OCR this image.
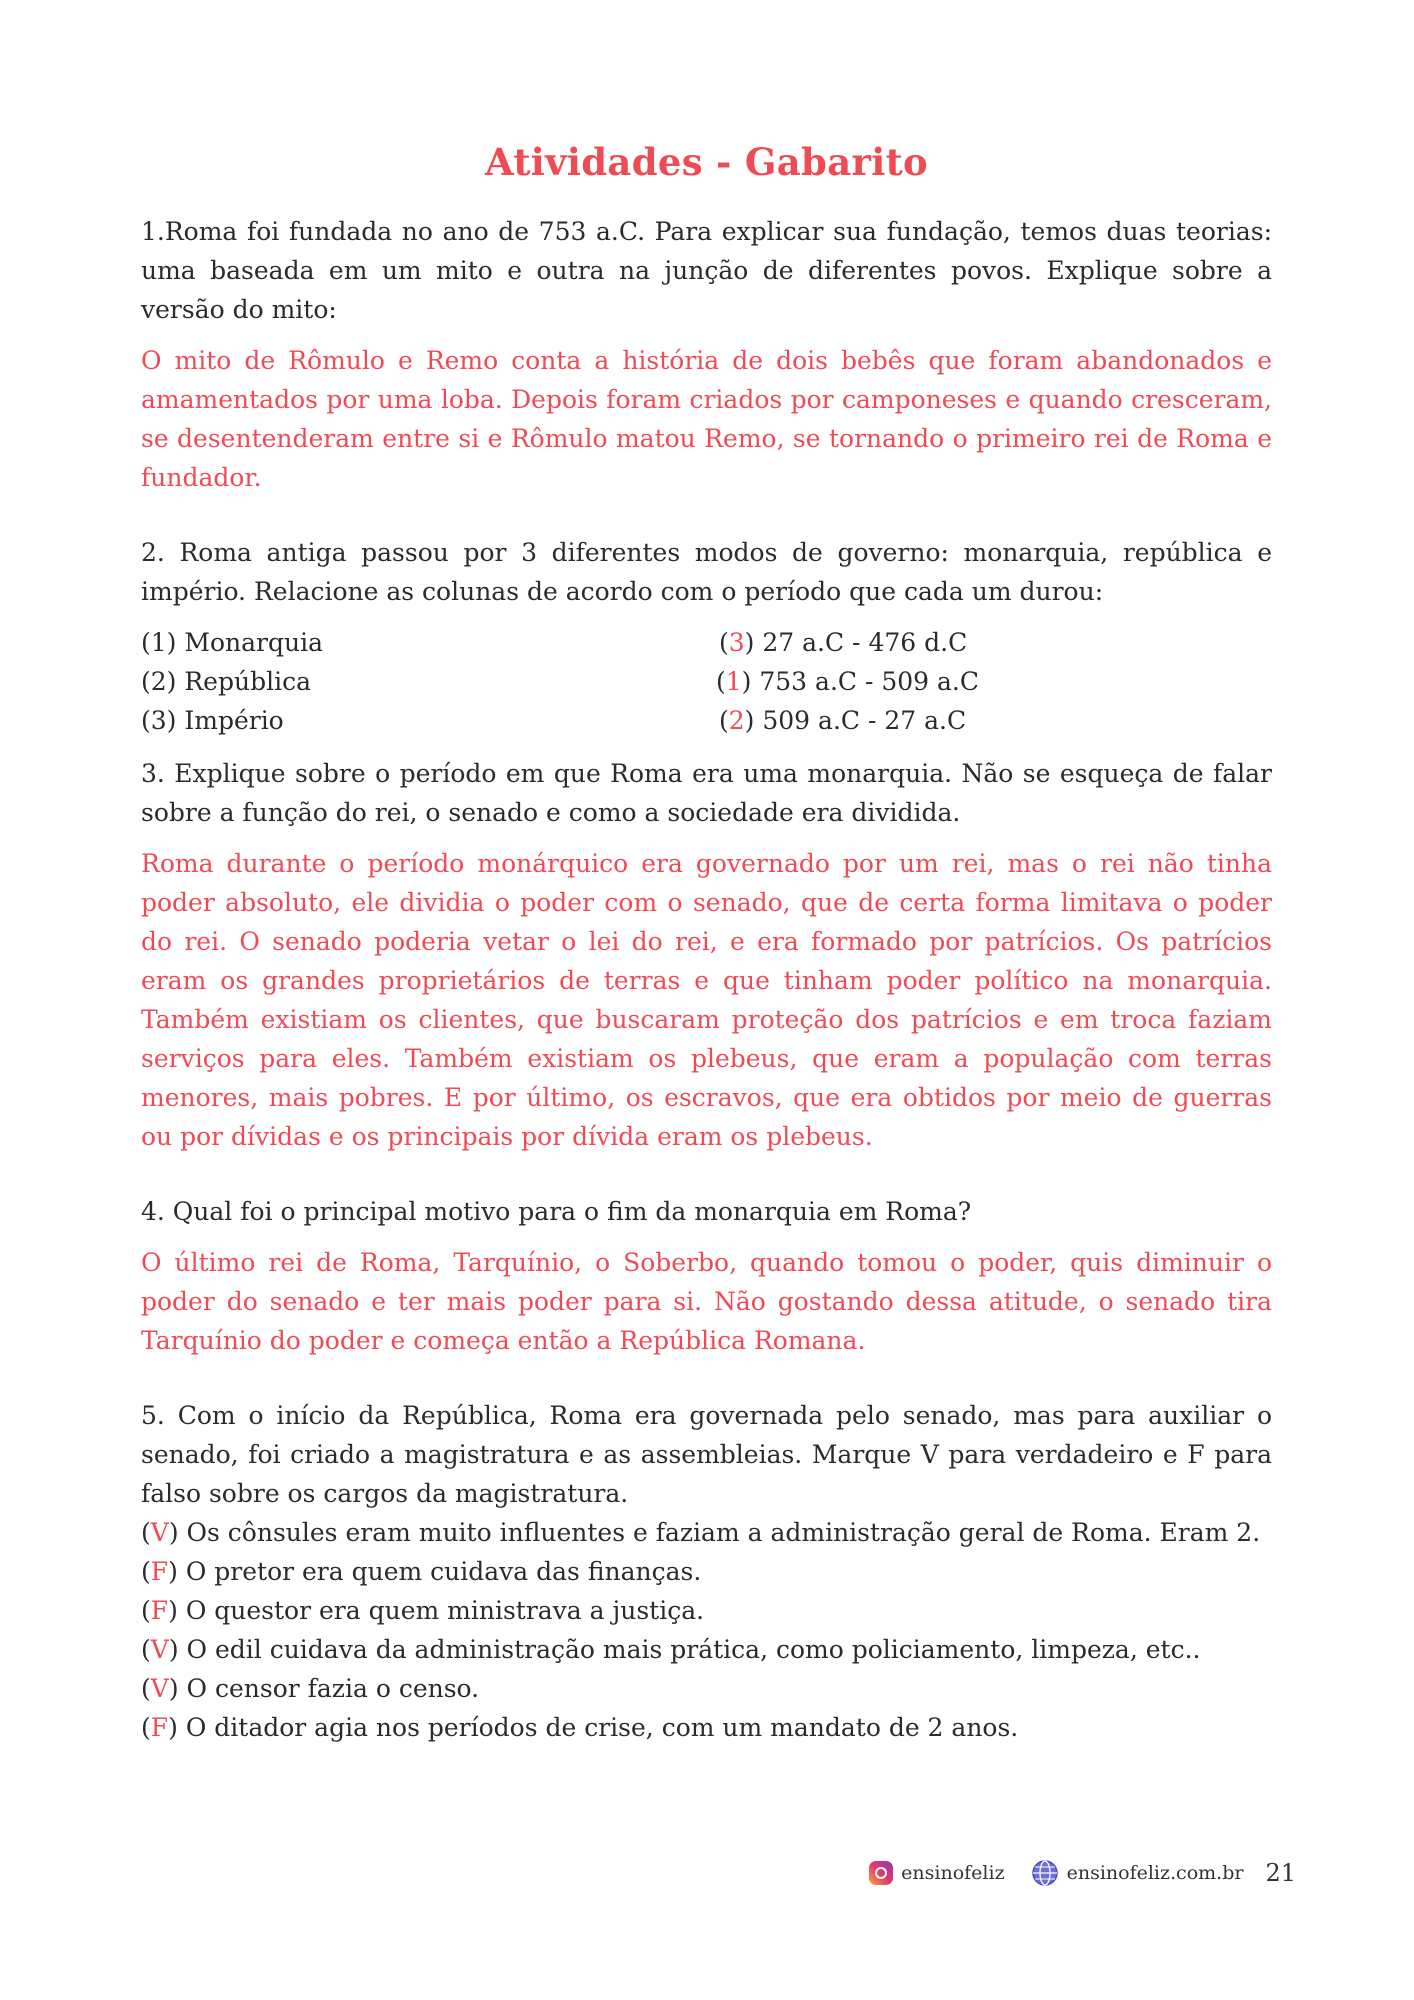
Atividades - Gabarito

1.Roma foi fundada no ano de 753 a.C. Para explicar sua fundação, temos duas teorias: uma baseada em um mito e outra na junção de diferentes povos. Explique sobre a versão do mito:

O mito de Rômulo e Remo conta a história de dois bebês que foram abandonados e amamentados por uma loba. Depois foram criados por camponeses e quando cresceram, se desentenderam entre si e Rômulo matou Remo, se tornando o primeiro rei de Roma e fundador.

2. Roma antiga passou por 3 diferentes modos de governo: monarquia, república e império. Relacione as colunas de acordo com o período que cada um durou:

(1) Monarquia	(3) 27 a.C - 476 d.C
(2) República	(1) 753 a.C - 509 a.C
(3) Império	(2) 509 a.C - 27 a.C

3. Explique sobre o período em que Roma era uma monarquia. Não se esqueça de falar sobre a função do rei, o senado e como a sociedade era dividida.

Roma durante o período monárquico era governado por um rei, mas o rei não tinha poder absoluto, ele dividia o poder com o senado, que de certa forma limitava o poder do rei. O senado poderia vetar o lei do rei, e era formado por patrícios. Os patrícios eram os grandes proprietários de terras e que tinham poder político na monarquia. Também existiam os clientes, que buscaram proteção dos patrícios e em troca faziam serviços para eles. Também existiam os plebeus, que eram a população com terras menores, mais pobres. E por último, os escravos, que era obtidos por meio de guerras ou por dívidas e os principais por dívida eram os plebeus.

4. Qual foi o principal motivo para o fim da monarquia em Roma?

O último rei de Roma, Tarquínio, o Soberbo, quando tomou o poder, quis diminuir o poder do senado e ter mais poder para si. Não gostando dessa atitude, o senado tira Tarquínio do poder e começa então a República Romana.

5. Com o início da República, Roma era governada pelo senado, mas para auxiliar o senado, foi criado a magistratura e as assembleias. Marque V para verdadeiro e F para falso sobre os cargos da magistratura.

(V) Os cônsules eram muito influentes e faziam a administração geral de Roma. Eram 2.

(F) O pretor era quem cuidava das finanças.

(F) O questor era quem ministrava a justiça.

(V) O edil cuidava da administração mais prática, como policiamento, limpeza, etc..

(V) O censor fazia o censo.

(F) O ditador agia nos períodos de crise, com um mandato de 2 anos.

ensinofeliz	ensinofeliz.com.br 21
